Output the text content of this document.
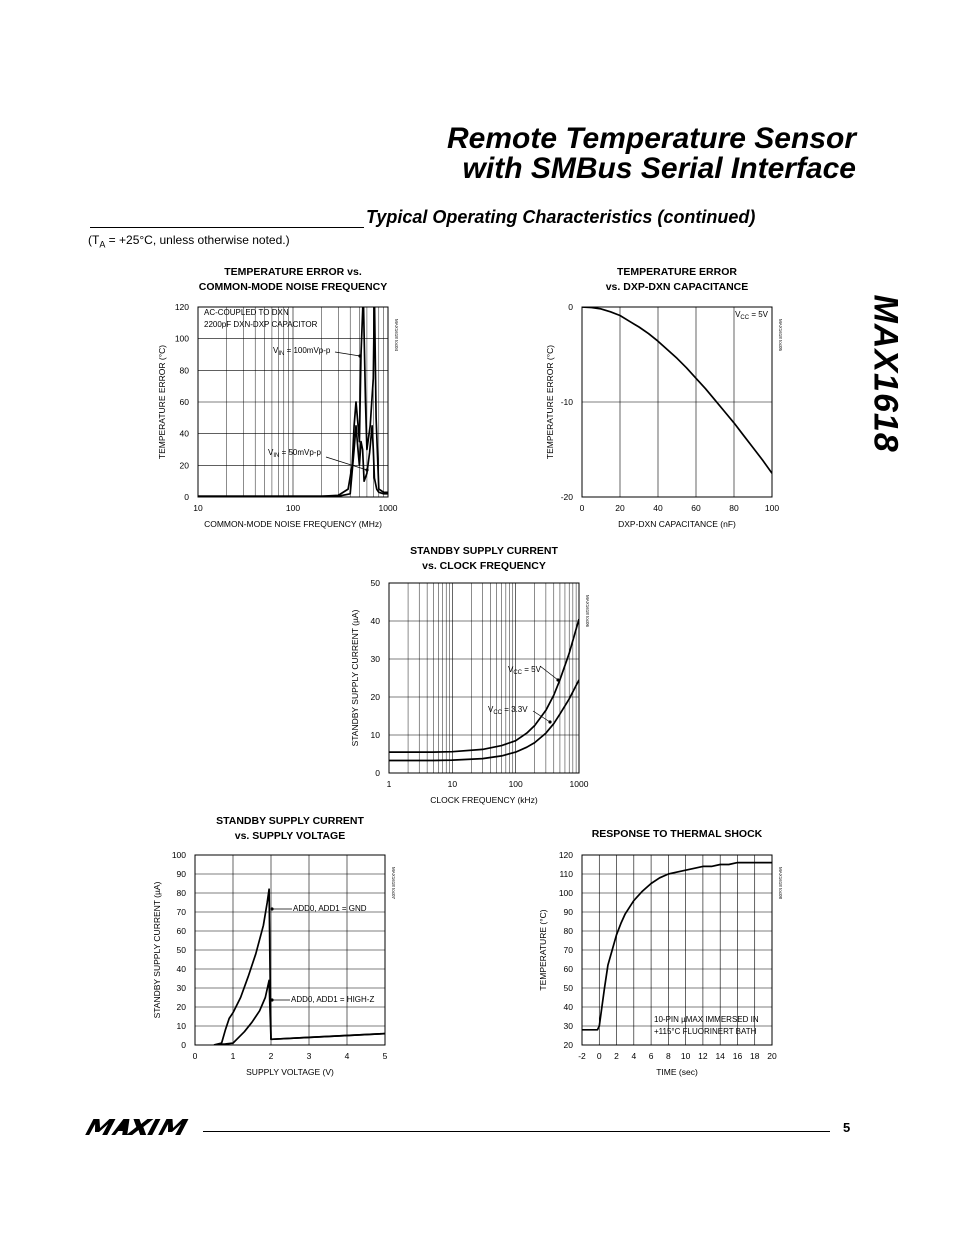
Remote Temperature Sensor
with SMBus Serial Interface
Typical Operating Characteristics (continued)
($T_A = +25^\circ C$, unless otherwise noted.)
MAX1618
TEMPERATURE ERROR vs.
COMMON-MODE NOISE FREQUENCY
0
20
40
60
80
100
120
10	100	1000
COMMON-MODE NOISE FREQUENCY (MHz)
TEMPERATURE ERROR (°C)
MAX1618 toc04
AC-COUPLED TO DXN
2200pF DXN-DXP CAPACITOR
$V_{IN} = 100mVp-p$
$V_{IN} = 50mVp-p$
TEMPERATURE ERROR
vs. DXP-DXN CAPACITANCE
-20
-10
0
0	20	40	60	80	100
DXP-DXN CAPACITANCE (nF)
TEMPERATURE ERROR (°C)
MAX1618 toc05
$V_{CC} = 5V$
STANDBY SUPPLY CURRENT
vs. CLOCK FREQUENCY
0
10
20
30
40
50
1	10	100	1000
CLOCK FREQUENCY (kHz)
STANDBY SUPPLY CURRENT (µA)	MAX1618 toc06
$V_{CC} = 5V$
$V_{CC} = 3.3V$
STANDBY SUPPLY CURRENT
vs. SUPPLY VOLTAGE
0
10
20
30
40
50
60
70
80
90
100
0	1	2	3	4	5
SUPPLY VOLTAGE (V)
STANDBY SUPPLY CURRENT (µA)	MAX1618 toc07
ADD0, ADD1 = GND
ADD0, ADD1 = HIGH-Z
RESPONSE TO THERMAL SHOCK
20
30
40
50
60
70
80
90
100
110
120
-2 0 2 4 6 8 10 12 14 16 18 20
TIME (sec)
TEMPERATURE (°C)
MAX1618 toc08
10-PIN µMAX IMMERSED IN
+115°C FLUORINERT BATH
5
